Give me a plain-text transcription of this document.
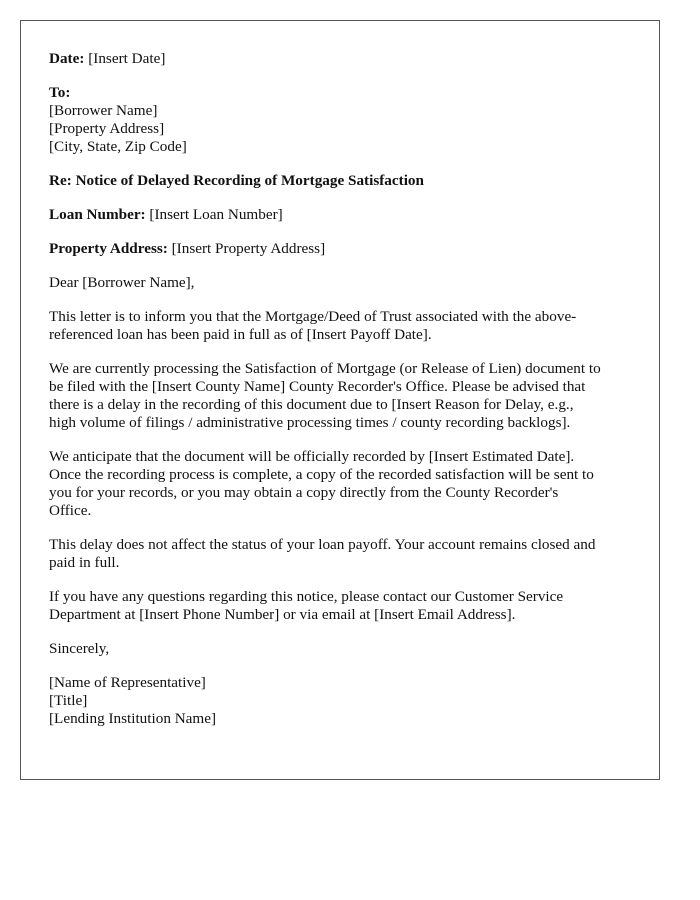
Date: [Insert Date]
To:
[Borrower Name]
[Property Address]
[City, State, Zip Code]
Re: Notice of Delayed Recording of Mortgage Satisfaction
Loan Number: [Insert Loan Number]
Property Address: [Insert Property Address]
Dear [Borrower Name],
This letter is to inform you that the Mortgage/Deed of Trust associated with the above-
referenced loan has been paid in full as of [Insert Payoff Date].
We are currently processing the Satisfaction of Mortgage (or Release of Lien) document to
be filed with the [Insert County Name] County Recorder's Office. Please be advised that
there is a delay in the recording of this document due to [Insert Reason for Delay, e.g.,
high volume of filings / administrative processing times / county recording backlogs].
We anticipate that the document will be officially recorded by [Insert Estimated Date].
Once the recording process is complete, a copy of the recorded satisfaction will be sent to
you for your records, or you may obtain a copy directly from the County Recorder's
Office.
This delay does not affect the status of your loan payoff. Your account remains closed and
paid in full.
If you have any questions regarding this notice, please contact our Customer Service
Department at [Insert Phone Number] or via email at [Insert Email Address].
Sincerely,
[Name of Representative]
[Title]
[Lending Institution Name]
